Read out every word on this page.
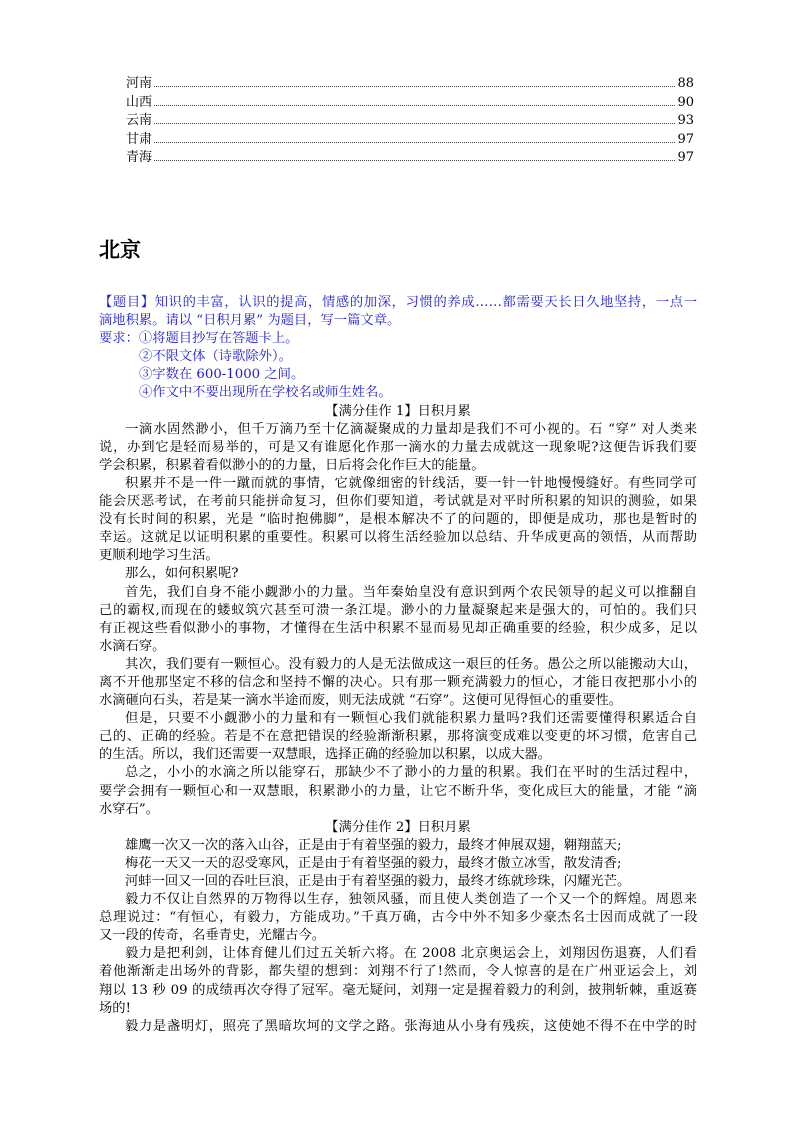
河南	88
山西	90
云南	93
甘肃	97
青海	97
北京
【题目】知识的丰富，认识的提高，情感的加深，习惯的养成……都需要天长日久地坚持，一点一
滴地积累。请以 “日积月累” 为题目，写一篇文章。
要求：①将题目抄写在答题卡上。
②不限文体（诗歌除外）。
③字数在 600-1000 之间。
④作文中不要出现所在学校名或师生姓名。
【满分佳作 1】日积月累
一滴水固然渺小，但千万滴乃至十亿滴凝聚成的力量却是我们不可小视的。石 “穿” 对人类来
说，办到它是轻而易举的，可是又有谁愿化作那一滴水的力量去成就这一现象呢?这便告诉我们要
学会积累，积累着看似渺小的的力量，日后将会化作巨大的能量。
积累并不是一件一蹴而就的事情，它就像细密的针线活，要一针一针地慢慢缝好。有些同学可
能会厌恶考试，在考前只能拼命复习，但你们要知道，考试就是对平时所积累的知识的测验，如果
没有长时间的积累，光是 “临时抱佛脚”，是根本解决不了的问题的，即便是成功，那也是暂时的
幸运。这就足以证明积累的重要性。积累可以将生活经验加以总结、升华成更高的领悟，从而帮助
更顺利地学习生活。
那么，如何积累呢?
首先，我们自身不能小觑渺小的力量。当年秦始皇没有意识到两个农民领导的起义可以推翻自
己的霸权,而现在的蝼蚁筑穴甚至可溃一条江堤。渺小的力量凝聚起来是强大的，可怕的。我们只
有正视这些看似渺小的事物，才懂得在生活中积累不显而易见却正确重要的经验，积少成多，足以
水滴石穿。
其次，我们要有一颗恒心。没有毅力的人是无法做成这一艰巨的任务。愚公之所以能搬动大山，
离不开他那坚定不移的信念和坚持不懈的决心。只有那一颗充满毅力的恒心，才能日夜把那小小的
水滴砸向石头，若是某一滴水半途而废，则无法成就 “石穿”。这便可见得恒心的重要性。
但是，只要不小觑渺小的力量和有一颗恒心我们就能积累力量吗?我们还需要懂得积累适合自
己的、正确的经验。若是不在意把错误的经验渐渐积累，那将演变成难以变更的坏习惯，危害自己
的生活。所以，我们还需要一双慧眼，选择正确的经验加以积累，以成大器。
总之，小小的水滴之所以能穿石，那缺少不了渺小的力量的积累。我们在平时的生活过程中，
要学会拥有一颗恒心和一双慧眼，积累渺小的力量，让它不断升华，变化成巨大的能量，才能 “滴
水穿石”。
【满分佳作 2】日积月累
雄鹰一次又一次的落入山谷，正是由于有着坚强的毅力，最终才伸展双翅，翱翔蓝天;
梅花一天又一天的忍受寒风，正是由于有着坚强的毅力，最终才傲立冰雪，散发清香;
河蚌一回又一回的吞吐巨浪，正是由于有着坚强的毅力，最终才练就珍珠，闪耀光芒。
毅力不仅让自然界的万物得以生存，独领风骚，而且使人类创造了一个又一个的辉煌。周恩来
总理说过：“有恒心，有毅力，方能成功。”千真万确，古今中外不知多少豪杰名士因而成就了一段
又一段的传奇，名垂青史，光耀古今。
毅力是把利剑，让体育健儿们过五关斩六将。在 2008 北京奥运会上，刘翔因伤退赛，人们看
着他渐渐走出场外的背影，都失望的想到：刘翔不行了!然而，令人惊喜的是在广州亚运会上，刘
翔以 13 秒 09 的成绩再次夺得了冠军。毫无疑问，刘翔一定是握着毅力的利剑，披荆斩棘，重返赛
场的!
毅力是盏明灯，照亮了黑暗坎坷的文学之路。张海迪从小身有残疾，这使她不得不在中学的时
